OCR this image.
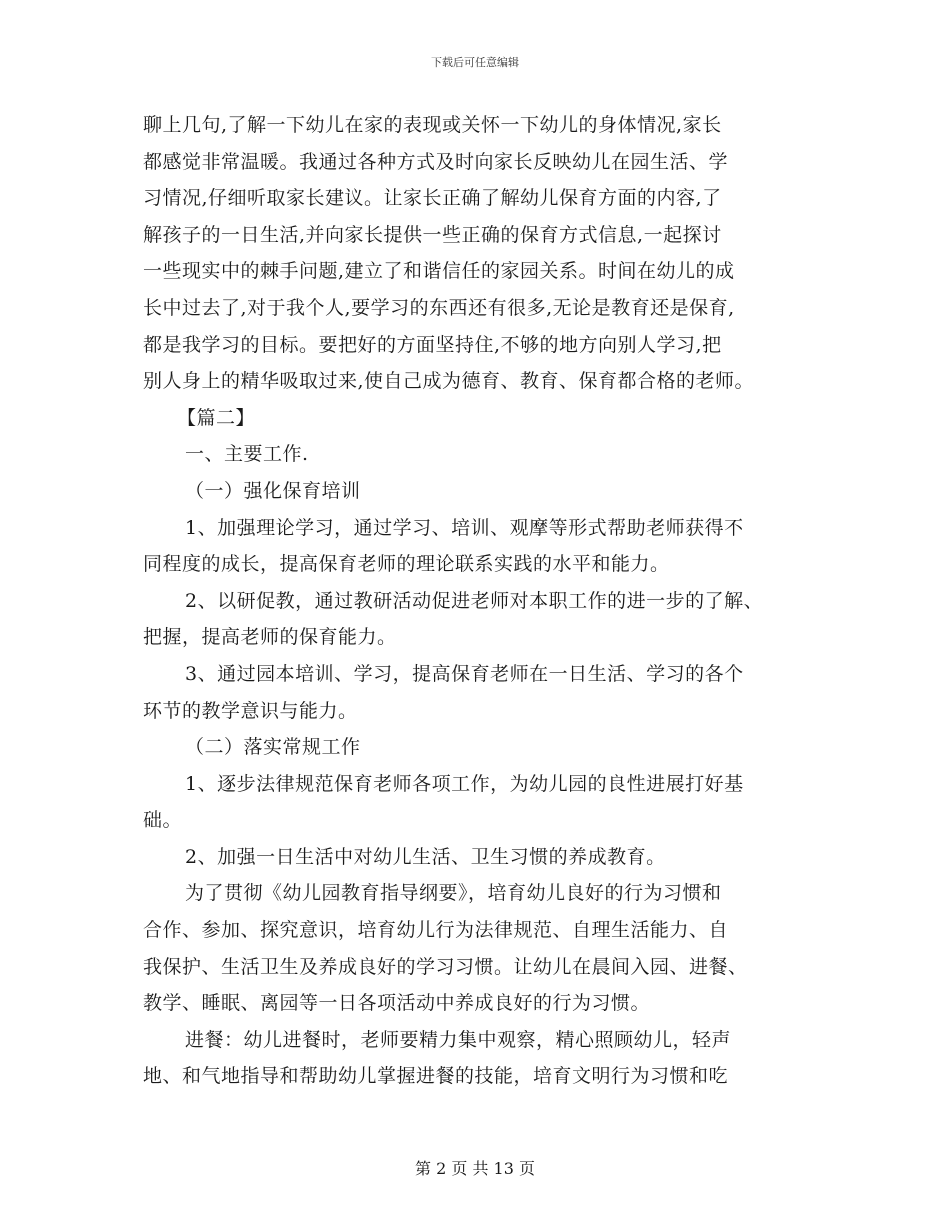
下载后可任意编辑
聊上几句,了解一下幼儿在家的表现或关怀一下幼儿的身体情况,家长
都感觉非常温暖。我通过各种方式及时向家长反映幼儿在园生活、学
习情况,仔细听取家长建议。让家长正确了解幼儿保育方面的内容,了
解孩子的一日生活,并向家长提供一些正确的保育方式信息,一起探讨
一些现实中的棘手问题,建立了和谐信任的家园关系。时间在幼儿的成
长中过去了,对于我个人,要学习的东西还有很多,无论是教育还是保育,
都是我学习的目标。要把好的方面坚持住,不够的地方向别人学习,把
别人身上的精华吸取过来,使自己成为德育、教育、保育都合格的老师。
【篇二】
一、主要工作.
（一）强化保育培训
1、加强理论学习，通过学习、培训、观摩等形式帮助老师获得不
同程度的成长，提高保育老师的理论联系实践的水平和能力。
2、以研促教，通过教研活动促进老师对本职工作的进一步的了解、
把握，提高老师的保育能力。
3、通过园本培训、学习，提高保育老师在一日生活、学习的各个
环节的教学意识与能力。
（二）落实常规工作
1、逐步法律规范保育老师各项工作，为幼儿园的良性进展打好基
础。
2、加强一日生活中对幼儿生活、卫生习惯的养成教育。
为了贯彻《幼儿园教育指导纲要》，培育幼儿良好的行为习惯和
合作、参加、探究意识，培育幼儿行为法律规范、自理生活能力、自
我保护、生活卫生及养成良好的学习习惯。让幼儿在晨间入园、进餐、
教学、睡眠、离园等一日各项活动中养成良好的行为习惯。
进餐：幼儿进餐时，老师要精力集中观察，精心照顾幼儿，轻声
地、和气地指导和帮助幼儿掌握进餐的技能，培育文明行为习惯和吃
第 2 页 共 13 页
